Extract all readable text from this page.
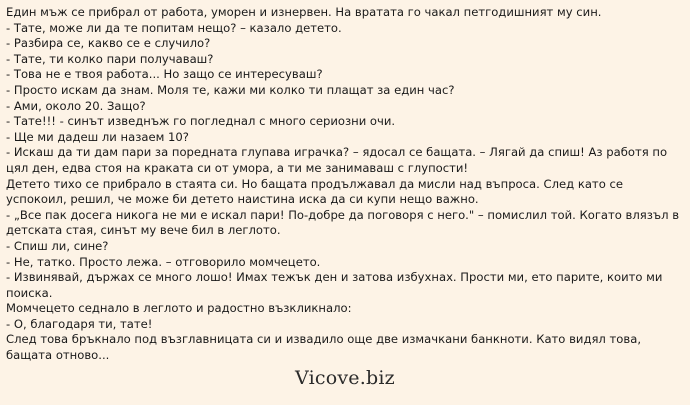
Един мъж се прибрал от работа, уморен и изнервен. На вратата го чакал петгодишният му син.
- Тате, може ли да те попитам нещо? – казало детето.
- Разбира се, какво се е случило?
- Тате, ти колко пари получаваш?
- Това не е твоя работа... Но защо се интересуваш?
- Просто искам да знам. Моля те, кажи ми колко ти плащат за един час?
- Ами, около 20. Защо?
- Тате!!! - синът изведнъж го погледнал с много сериозни очи.
- Ще ми дадеш ли назаем 10?
- Искаш да ти дам пари за поредната глупава играчка? – ядосал се бащата. – Лягай да спиш! Аз работя по цял ден, едва стоя на краката си от умора, а ти ме занимаваш с глупости!
Детето тихо се прибрало в стаята си. Но бащата продължавал да мисли над въпроса. След като се успокоил, решил, че може би детето наистина иска да си купи нещо важно.
- „Все пак досега никога не ми е искал пари! По-добре да поговоря с него." – помислил той. Когато влязъл в детската стая, синът му вече бил в леглото.
- Спиш ли, сине?
- Не, татко. Просто лежа. – отговорило момчецето.
- Извинявай, държах се много лошо! Имах тежък ден и затова избухнах. Прости ми, ето парите, които ми поиска.
Момчецето седнало в леглото и радостно възкликнало:
- О, благодаря ти, тате!
След това бръкнало под възглавницата си и извадило още две измачкани банкноти. Като видял това, бащата отново...
Vicove.biz
